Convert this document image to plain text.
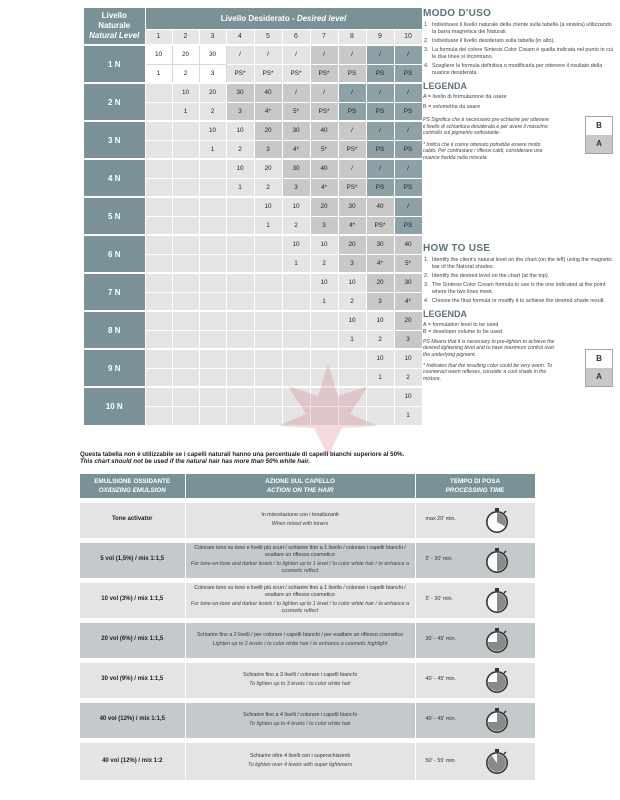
Livello Naturale
Natural Level	Livello Desiderato - Desired level									
	1	2	3	4	5	6	7	8	9	10
1 N	10	20	30	/	/	/	/	/	/	/
	1	2	3	PS*	PS*	PS*	PS*	PS	PS	PS
2 N		10	20	30	40	/	/	/	/	/
		1	2	3	4*	5*	PS*	PS	PS	PS
3 N			10	10	20	30	40	/	/	/
			1	2	3	4*	5*	PS*	PS	PS
4 N				10	20	30	40	/	/	/
				1	2	3	4*	PS*	PS	PS
5 N					10	10	20	30	40	/
					1	2	3	4*	PS*	PS
6 N						10	10	20	30	40
						1	2	3	4*	5*
7 N							10	10	20	30
							1	2	3	4*
8 N								10	10	20
								1	2	3
9 N									10	10
									1	2
10 N										10
										1
MODO D'USO
1. Individuare il livello naturale della cliente sulla tabella (a sinistra) utilizzando la barra magnetica dei Naturali.
2. Individuare il livello desiderato sulla tabella (in alto).
3. La formula del colore Sintesis Color Cream è quella indicata nel punto in cui le due linee si incontrano.
4. Scegliere la formula definitiva o modificarla per ottenere il risultato della nuance desiderata.
B
A
LEGENDA
A = livello di formulazione da usare
B = volumetria da usare
PS Significa che è necessario pre-schiarire per ottenere il livello di schiaritura desiderata e per avere il massimo controllo sul pigmento sottostante.
* Indica che il colore ottenuto potrebbe essere molto caldo. Per contrastare i riflessi caldi, considerare una nuance fredda nella miscela.
HOW TO USE
1. Identify the client's natural level on the chart (on the left) using the magnetic bar of the Natural shades.
2. Identify the desired level on the chart (at the top).
3. The Sintesis Color Cream formula to use is the one indicated at the point where the two lines meet.
4. Choose the final formula or modify it to achieve the desired shade result.
B
A
LEGENDA
A = formulation level to be used
B = developer volume to be used
PS Means that it is necessary to pre-lighten to achieve the desired lightening level and to have maximum control over the underlying pigment.
* Indicates that the resulting color could be very warm. To counteract warm reflexes, consider a cool shade in the mixture.
Questa tabella non è utilizzabile se i capelli naturali hanno una percentuale di capelli bianchi superiore al 50%.
This chart should not be used if the natural hair has more than 50% white hair.
EMULSIONE OSSIDANTE
OXIDIZING EMULSION	AZIONE SUL CAPELLO
ACTION ON THE HAIR	TEMPO DI POSA
PROCESSING TIME
Tone activator	In miscelazione con i tonalizzanti
When mixed with toners	max 20' min.

5 vol (1,5%) / mix 1:1,5	Colorare tono su tono e livelli più scuri / schiarire fino a 1 livello / colorare i capelli bianchi / esaltare un riflesso cosmetico
For tone-on-tone and darker levels / to lighten up to 1 level / to color white hair / to enhance a cosmetic reflect	5' - 30' min.

10 vol (3%) / mix 1:1,5	Colorare tono su tono e livelli più scuri / schiarire fino a 1 livello / colorare i capelli bianchi / esaltare un riflesso cosmetico
For tone-on-tone and darker levels / to lighten up to 1 level / to color white hair / to enhance a cosmetic reflect	5' - 30' min.

20 vol (6%) / mix 1:1,5	Schiarire fino a 2 livelli / per colorare i capelli bianchi / per esaltare un riflesso cosmetico
Lighten up to 2 levels / to color white hair / to enhance a cosmetic highlight	30' - 45' min.

30 vol (9%) / mix 1:1,5	Schiarire fino a 3 livelli / colorare i capelli bianchi
To lighten up to 3 levels / to color white hair	40' - 45' min.

40 vol (12%) / mix 1:1,5	Schiarire fino a 4 livelli / colorare i capelli bianchi
To lighten up to 4 levels / to color white hair	40' - 45' min.

40 vol (12%) / mix 1:2	Schiarire oltre 4 livelli con i superschiarenti
To lighten over 4 levels with super lighteners	50' - 55' min.
